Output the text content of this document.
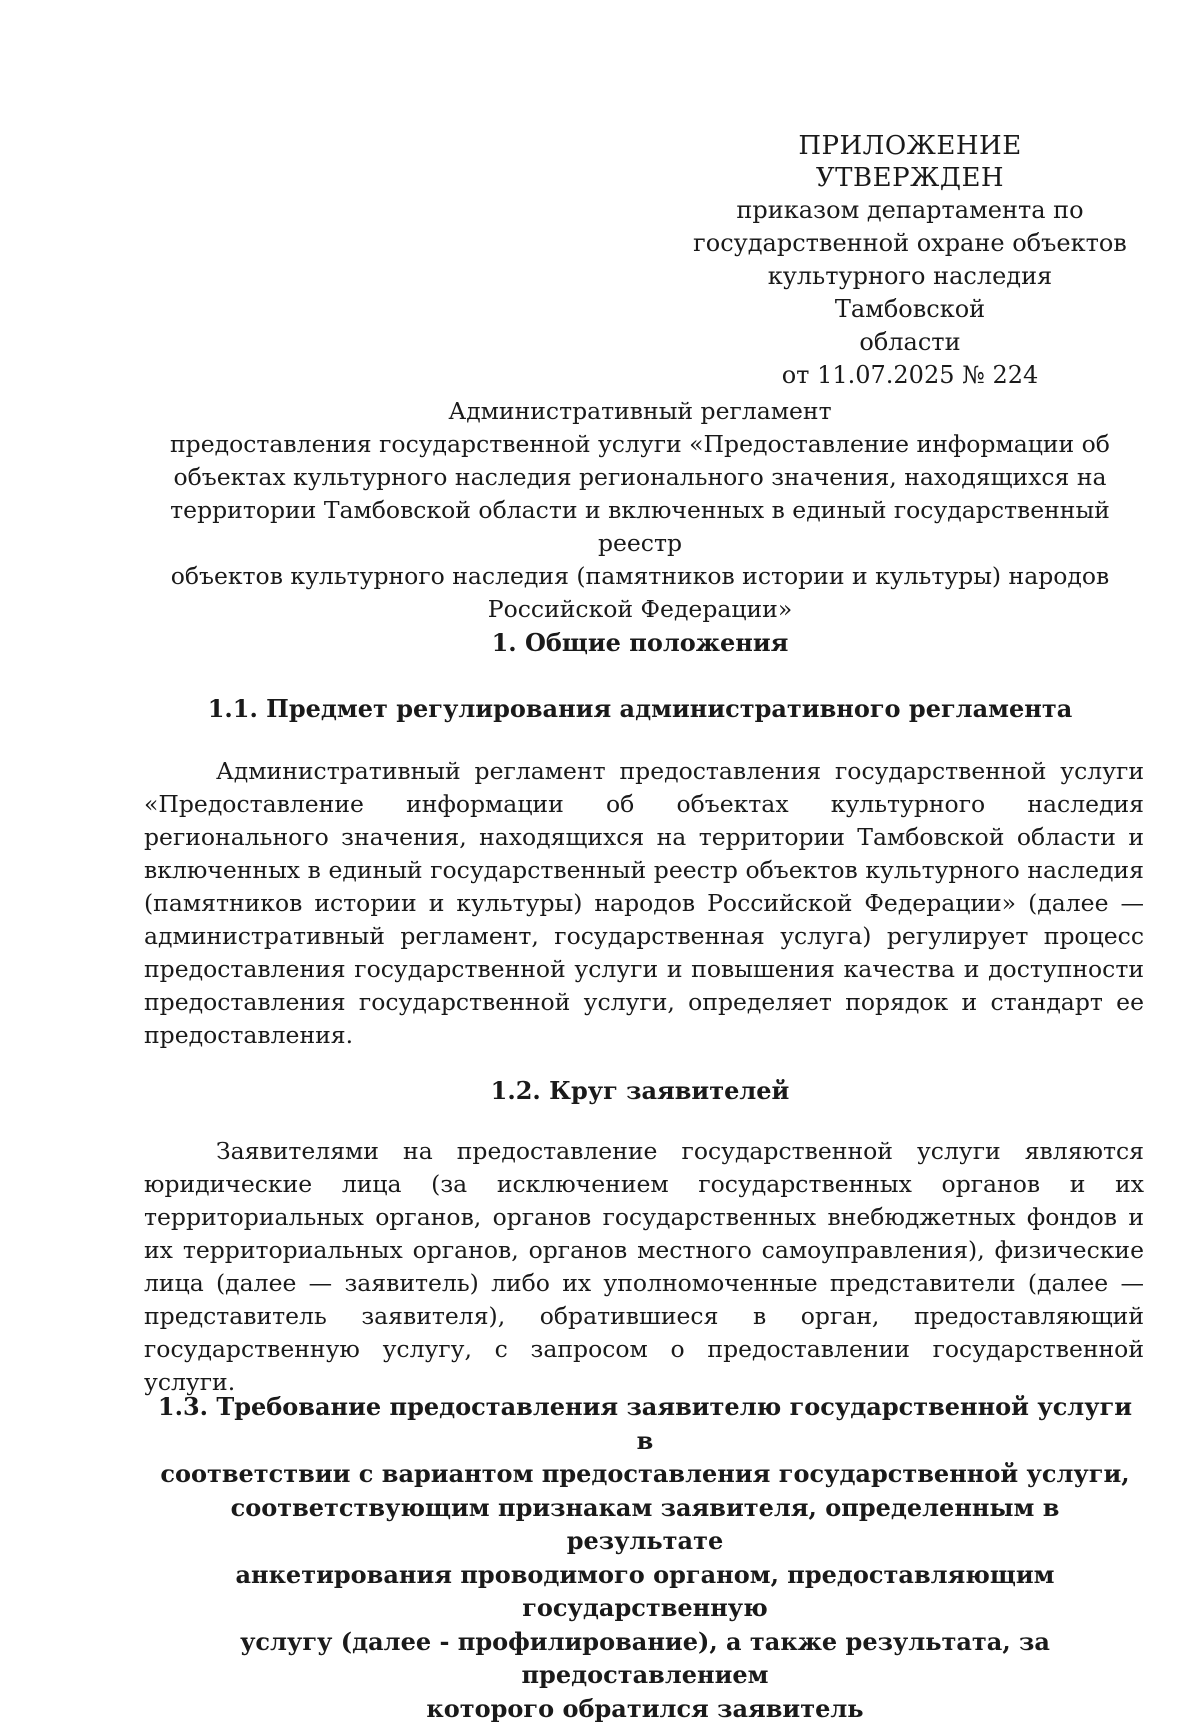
ПРИЛОЖЕНИЕ
УТВЕРЖДЕН
приказом департамента по
государственной охране объектов
культурного наследия Тамбовской
области
от 11.07.2025 № 224
Административный регламент
предоставления государственной услуги «Предоставление информации об
объектах культурного наследия регионального значения, находящихся на
территории Тамбовской области и включенных в единый государственный реестр
объектов культурного наследия (памятников истории и культуры) народов
Российской Федерации»
1. Общие положения
1.1. Предмет регулирования административного регламента
Административный регламент предоставления государственной услуги «Предоставление информации об объектах культурного наследия регионального значения, находящихся на территории Тамбовской области и включенных в единый государственный реестр объектов культурного наследия (памятников истории и культуры) народов Российской Федерации» (далее — административный регламент, государственная услуга) регулирует процесс предоставления государственной услуги и повышения качества и доступности предоставления государственной услуги, определяет порядок и стандарт ее предоставления.
1.2. Круг заявителей
Заявителями на предоставление государственной услуги являются юридические лица (за исключением государственных органов и их территориальных органов, органов государственных внебюджетных фондов и их территориальных органов, органов местного самоуправления), физические лица (далее — заявитель) либо их уполномоченные представители (далее — представитель заявителя), обратившиеся в орган, предоставляющий государственную услугу, с запросом о предоставлении государственной услуги.
1.3. Требование предоставления заявителю государственной услуги в
соответствии с вариантом предоставления государственной услуги,
соответствующим признакам заявителя, определенным в результате
анкетирования проводимого органом, предоставляющим государственную
услугу (далее - профилирование), а также результата, за предоставлением
которого обратился заявитель
